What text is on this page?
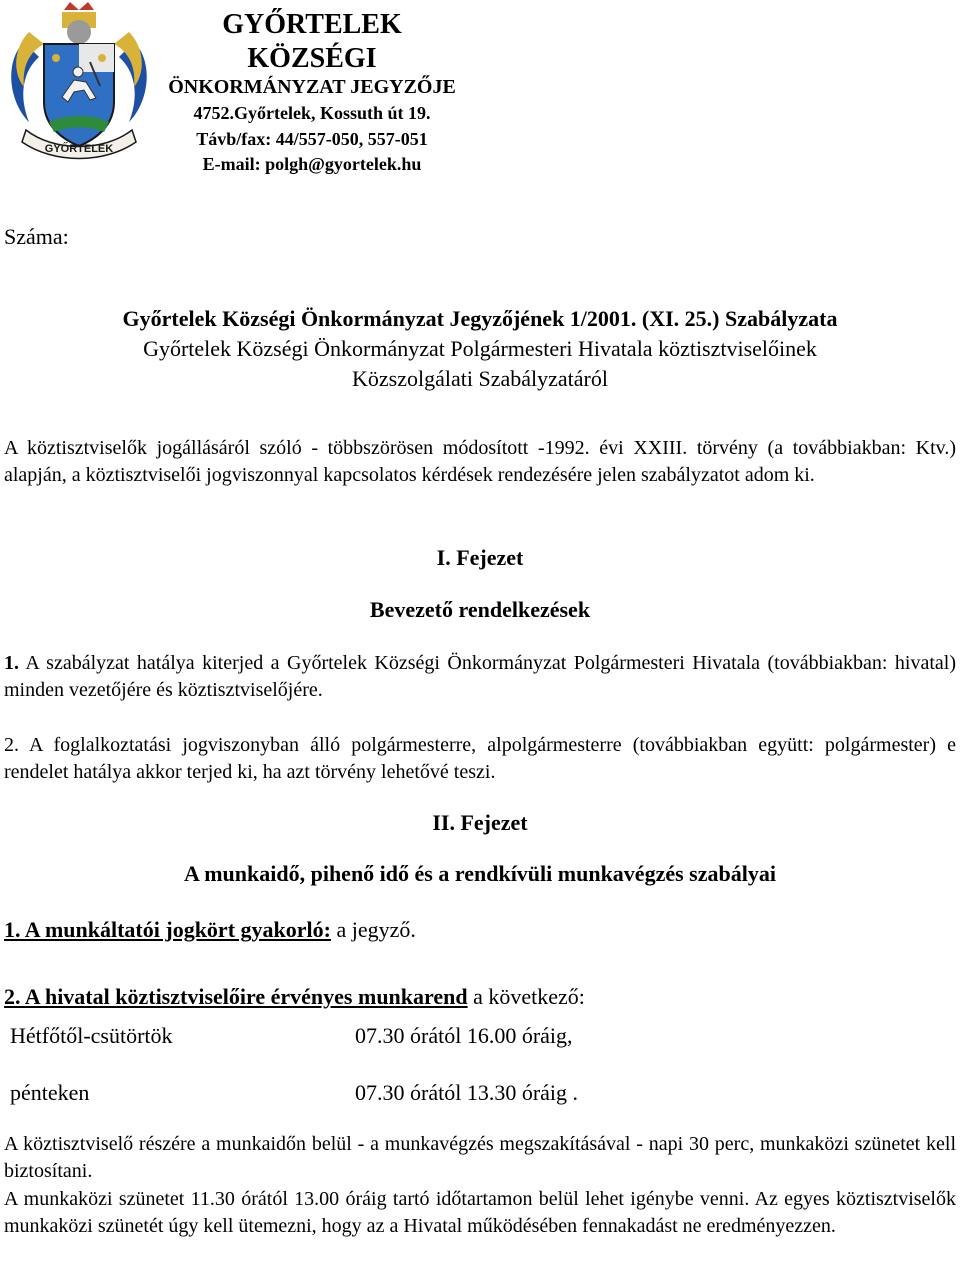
GYŐRTELEK
GYŐRTELEK KÖZSÉGI
ÖNKORMÁNYZAT JEGYZŐJE
4752.Győrtelek, Kossuth út 19.
Távb/fax: 44/557-050, 557-051
E-mail: polgh@gyortelek.hu
Száma:
Győrtelek Községi Önkormányzat Jegyzőjének 1/2001. (XI. 25.) Szabályzata
Győrtelek Községi Önkormányzat Polgármesteri Hivatala köztisztviselőinek
Közszolgálati Szabályzatáról
A köztisztviselők jogállásáról szóló - többszörösen módosított -1992. évi XXIII. törvény (a továbbiakban: Ktv.) alapján, a köztisztviselői jogviszonnyal kapcsolatos kérdések rendezésére jelen szabályzatot adom ki.
I. Fejezet
Bevezető rendelkezések
1. A szabályzat hatálya kiterjed a Győrtelek Községi Önkormányzat Polgármesteri Hivatala (továbbiakban: hivatal) minden vezetőjére és köztisztviselőjére.
2. A foglalkoztatási jogviszonyban álló polgármesterre, alpolgármesterre (továbbiakban együtt: polgármester) e rendelet hatálya akkor terjed ki, ha azt törvény lehetővé teszi.
II. Fejezet
A munkaidő, pihenő idő és a rendkívüli munkavégzés szabályai
1. A munkáltatói jogkört gyakorló: a jegyző.
2. A hivatal köztisztviselőire érvényes munkarend a következő:
Hétfőtől-csütörtök	07.30 órától 16.00 óráig,
pénteken	07.30 órától 13.30 óráig .
A köztisztviselő részére a munkaidőn belül - a munkavégzés megszakításával - napi 30 perc, munkaközi szünetet kell biztosítani.
A munkaközi szünetet 11.30 órától 13.00 óráig tartó időtartamon belül lehet igénybe venni. Az egyes köztisztviselők munkaközi szünetét úgy kell ütemezni, hogy az a Hivatal működésében fennakadást ne eredményezzen.
